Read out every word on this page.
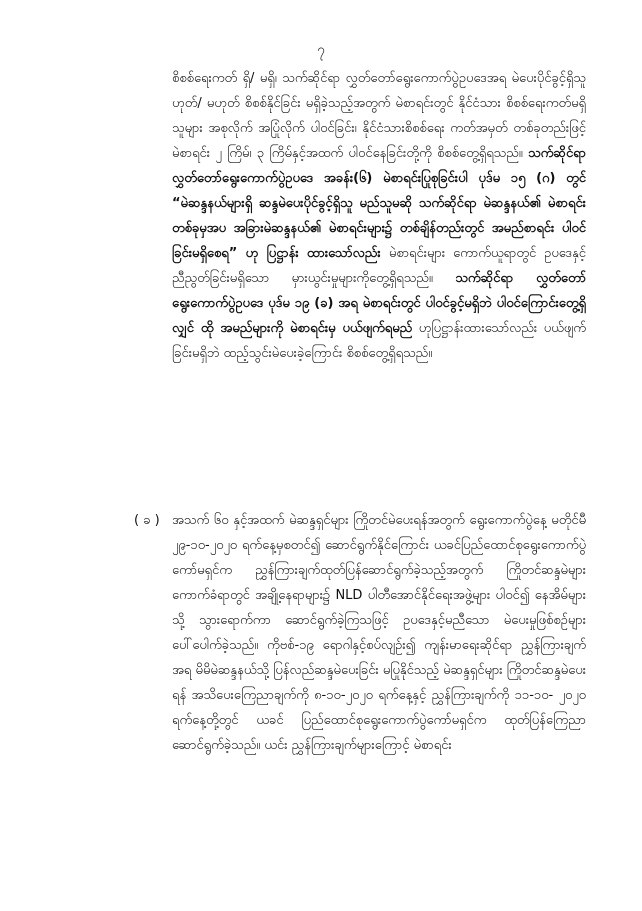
၇
စိစစ်ရေးကတ် ရှိ/ မရှိ၊ သက်ဆိုင်ရာ လွှတ်တော်ရွေးကောက်ပွဲဥပဒေအရ မဲပေးပိုင်ခွင့်ရှိသူ ဟုတ်/ မဟုတ် စိစစ်နိုင်ခြင်း မရှိခဲ့သည့်အတွက် မဲစာရင်းတွင် နိုင်ငံသား စိစစ်ရေးကတ်မရှိသူများ အစုလိုက် အပြုံလိုက် ပါဝင်ခြင်း၊ နိုင်ငံသားစိစစ်ရေး ကတ်အမှတ် တစ်ခုတည်းဖြင့် မဲစာရင်း ၂ ကြိမ်၊ ၃ ကြိမ်နှင့်အထက် ပါဝင်နေခြင်းတို့ကို စိစစ်တွေ့ရှိရသည်။ သက်ဆိုင်ရာလွှတ်တော်ရွေးကောက်ပွဲဥပဒေ အခန်း(၆) မဲစာရင်းပြုစုခြင်းပါ ပုဒ်မ ၁၅ (ဂ) တွင် “မဲဆန္ဒနယ်များရှိ ဆန္ဒမဲပေးပိုင်ခွင့်ရှိသူ မည်သူမဆို သက်ဆိုင်ရာ မဲဆန္ဒနယ်၏ မဲစာရင်းတစ်ခုမှအပ အခြားမဲဆန္ဒနယ်၏ မဲစာရင်းများ၌ တစ်ချိန်တည်းတွင် အမည်စာရင်း ပါဝင်ခြင်းမရှိစေရ” ဟု ပြဋ္ဌာန်း ထားသော်လည်း မဲစာရင်းများ ကောက်ယူရာတွင် ဥပဒေနှင့်ညီညွတ်ခြင်းမရှိသော မှားယွင်းမှုများကိုတွေ့ရှိရသည်။ သက်ဆိုင်ရာ လွှတ်တော်ရွေးကောက်ပွဲဥပဒေ ပုဒ်မ ၁၉ (ခ) အရ မဲစာရင်းတွင် ပါဝင်ခွင့်မရှိဘဲ ပါဝင်ကြောင်းတွေ့ရှိလျှင် ထို အမည်များကို မဲစာရင်းမှ ပယ်ဖျက်ရမည် ဟုပြဋ္ဌာန်းထားသော်လည်း ပယ်ဖျက်ခြင်းမရှိဘဲ ထည့်သွင်းမဲပေးခဲ့ကြောင်း စိစစ်တွေ့ရှိရသည်။
( ခ ) အသက် ၆၀ နှင့်အထက် မဲဆန္ဒရှင်များ ကြိုတင်မဲပေးရန်အတွက် ရွေးကောက်ပွဲနေ့ မတိုင်မီ ၂၉-၁၀-၂၀၂၀ ရက်နေ့မှစတင်၍ ဆောင်ရွက်နိုင်ကြောင်း ယခင်ပြည်ထောင်စုရွေးကောက်ပွဲကော်မရှင်က ညွှန်ကြားချက်ထုတ်ပြန်ဆောင်ရွက်ခဲ့သည့်အတွက် ကြိုတင်ဆန္ဒမဲများ ကောက်ခံရာတွင် အချို့နေရာများ၌ NLD ပါတီအောင်နိုင်ရေးအဖွဲ့များ ပါဝင်၍ နေအိမ်များသို့ သွားရောက်ကာ ဆောင်ရွက်ခဲ့ကြသဖြင့် ဥပဒေနှင့်မညီသော မဲပေးမှုဖြစ်စဉ်များ ပေါ်ပေါက်ခဲ့သည်။ ကိုဗစ်-၁၉ ရောဂါနှင့်စပ်လျဉ်း၍ ကျန်းမာရေးဆိုင်ရာ ညွှန်ကြားချက်အရ မိမိမဲဆန္ဒနယ်သို့ ပြန်လည်ဆန္ဒမဲပေးခြင်း မပြုနိုင်သည့် မဲဆန္ဒရှင်များ ကြိုတင်ဆန္ဒမဲပေးရန် အသိပေးကြေညာချက်ကို ၈-၁၀-၂၀၂၀ ရက်နေ့နှင့် ညွှန်ကြားချက်ကို ၁၁-၁၀- ၂၀၂၀ ရက်နေ့တို့တွင် ယခင် ပြည်ထောင်စုရွေးကောက်ပွဲကော်မရှင်က ထုတ်ပြန်ကြေညာဆောင်ရွက်ခဲ့သည်။ ယင်း ညွှန်ကြားချက်များကြောင့် မဲစာရင်း
